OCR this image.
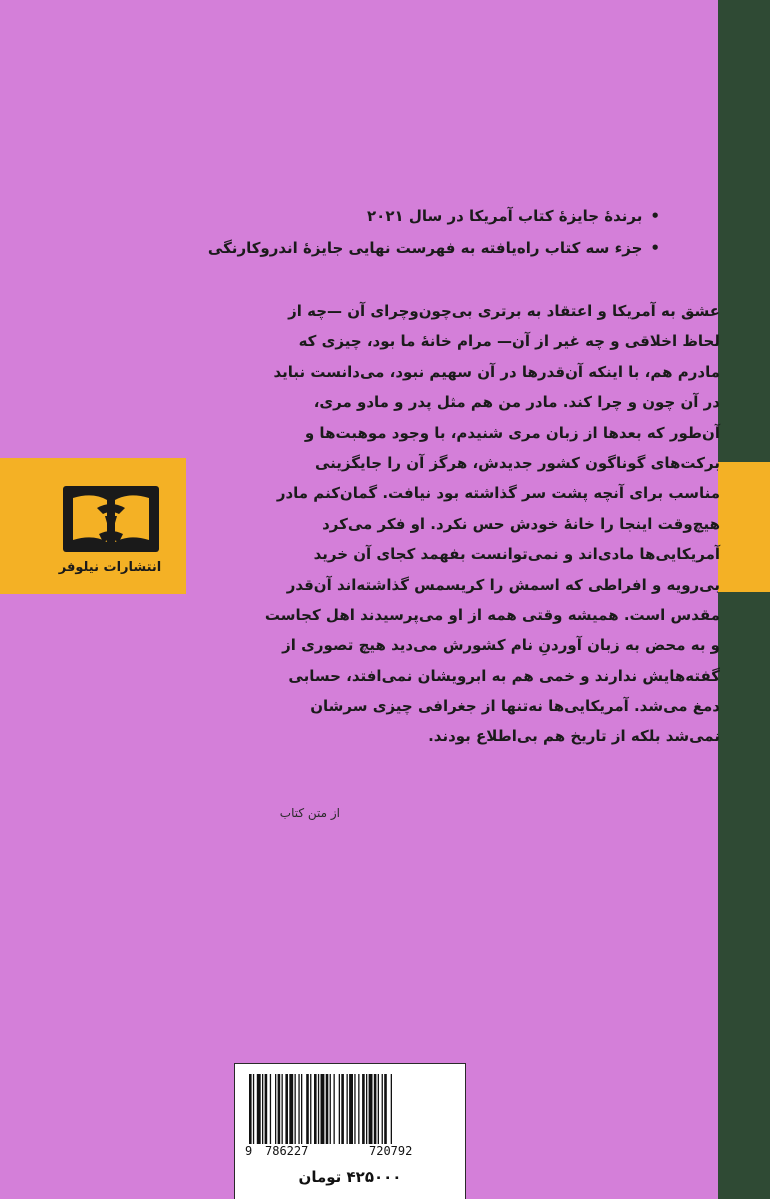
انتشارات نیلوفر
•برندهٔ جایزهٔ کتاب آمریکا در سال ۲۰۲۱
•جزء سه کتاب راه‌یافته به فهرست نهایی جایزهٔ اندروکارنگی
عشق به آمریکا و اعتقاد به برتری بی‌چون‌وچرای آن —چه از
لحاظ اخلاقی و چه غیر از آن— مرام خانهٔ ما بود، چیزی که
مادرم هم، با اینکه آن‌قدرها در آن سهیم نبود، می‌دانست نباید
در آن چون و چرا کند. مادر من هم مثل پدر و مادو مری،
آن‌طور که بعدها از زبان مری شنیدم، با وجود موهبت‌ها و
برکت‌های گوناگون کشور جدیدش، هرگز آن را جایگزینی
مناسب برای آنچه پشت سر گذاشته بود نیافت. گمان‌کنم مادر
هیچ‌وقت اینجا را خانهٔ خودش حس نکرد. او فکر می‌کرد
آمریکایی‌ها مادی‌اند و نمی‌توانست بفهمد کجای آن خرید
بی‌رویه و افراطی که اسمش را کریسمس گذاشته‌اند آن‌قدر
مقدس است. همیشه وقتی همه از او می‌پرسیدند اهل کجاست
و به محض به زبان آوردنِ نام کشورش می‌دید هیچ تصوری از
گفته‌هایش ندارند و خمی هم به ابرویشان نمی‌افتد، حسابی
دمغ می‌شد. آمریکایی‌ها نه‌تنها از جغرافی چیزی سرشان
نمی‌شد بلکه از تاریخ هم بی‌اطلاع بودند.
از متن کتاب
9 786227	720792
۴۲۵۰۰۰ تومان
